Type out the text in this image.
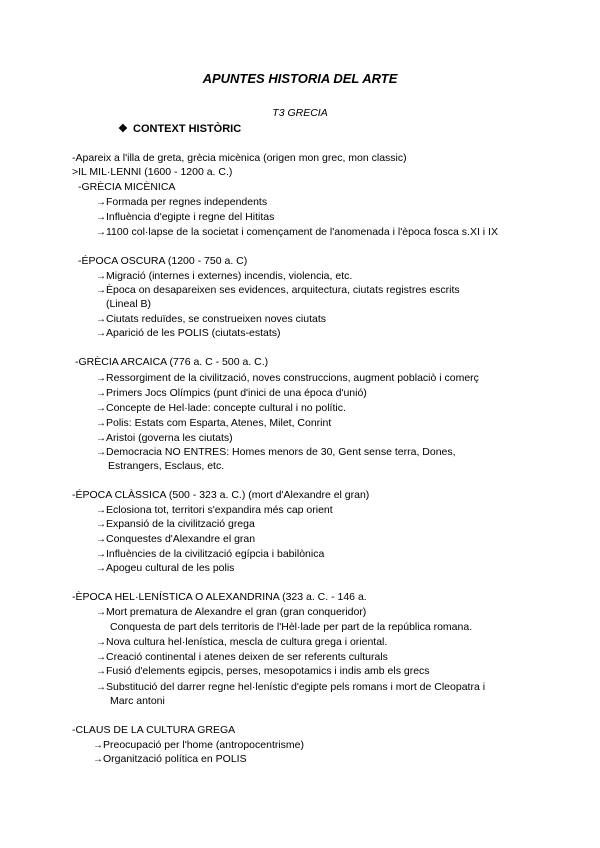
APUNTES HISTORIA DEL ARTE
T3 GRECIA
❖ CONTEXT HISTÒRIC
-Apareix a l'illa de greta, grècia micènica (origen mon grec, mon classic)
>IL MIL·LENNI (1600 - 1200 a. C.)
-GRÈCIA MICÈNICA
→Formada per regnes independents
→Influència d'egipte i regne del Hititas
→1100 col·lapse de la societat i començament de l'anomenada i l'època fosca s.XI i IX
-ÉPOCA OSCURA (1200 - 750 a. C)
→Migració (internes i externes) incendis, violencia, etc.
→Època on desapareixen ses evidences, arquitectura, ciutats registres escrits
(Lineal B)
→Ciutats reduïdes, se construeixen noves ciutats
→Aparició de les POLIS (ciutats-estats)
-GRÈCIA ARCAICA (776 a. C - 500 a. C.)
→Ressorgiment de la civilització, noves construccions, augment poblaciò i comerç
→Primers Jocs Olímpics (punt d'inici de una época d'unió)
→Concepte de Hel·lade: concepte cultural i no polític.
→Polis: Estats com Esparta, Atenes, Milet, Conrint
→Aristoi (governa les ciutats)
→Democracia NO ENTRES: Homes menors de 30, Gent sense terra, Dones,
Estrangers, Esclaus, etc.
-ÉPOCA CLÀSSICA (500 - 323 a. C.) (mort d'Alexandre el gran)
→Eclosiona tot, territori s'expandira més cap orient
→Expansió de la civilització grega
→Conquestes d'Alexandre el gran
→Influències de la civilització egípcia i babilònica
→Apogeu cultural de les polis
-ÈPOCA HEL·LENÍSTICA O ALEXANDRINA (323 a. C. - 146 a.
→Mort prematura de Alexandre el gran (gran conqueridor)
Conquesta de part dels territoris de l'Hèl·lade per part de la república romana.
→Nova cultura hel·lenística, mescla de cultura grega i oriental.
→Creació continental i atenes deixen de ser referents culturals
→Fusió d'elements egipcis, perses, mesopotamics i indis amb els grecs
→Substitució del darrer regne hel·lenístic d'egipte pels romans i mort de Cleopatra i
Marc antoni
-CLAUS DE LA CULTURA GREGA
→Preocupació per l'home (antropocentrisme)
→Organització política en POLIS
